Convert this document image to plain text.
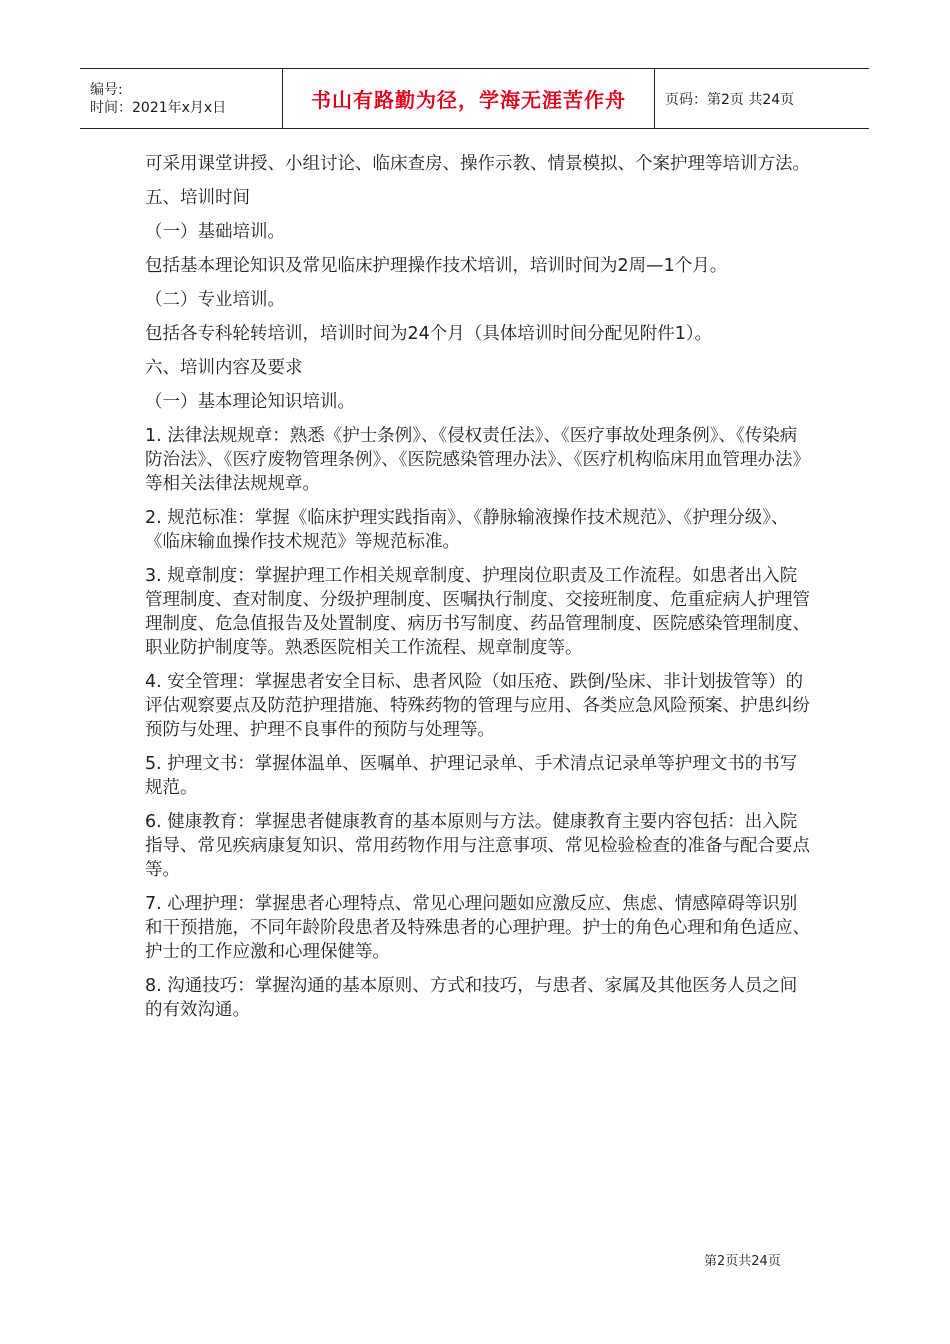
编号:
时间：2021年x月x日	书山有路勤为径，学海无涯苦作舟	页码：第2页 共24页

可采用课堂讲授、小组讨论、临床查房、操作示教、情景模拟、个案护理等培训方法。

五、培训时间

（一）基础培训。

包括基本理论知识及常见临床护理操作技术培训，培训时间为2周—1个月。

（二）专业培训。

包括各专科轮转培训，培训时间为24个月（具体培训时间分配见附件1）。

六、培训内容及要求

（一）基本理论知识培训。

1. 法律法规规章：熟悉《护士条例》、《侵权责任法》、《医疗事故处理条例》、《传染病防治法》、《医疗废物管理条例》、《医院感染管理办法》、《医疗机构临床用血管理办法》等相关法律法规规章。

2. 规范标准：掌握《临床护理实践指南》、《静脉输液操作技术规范》、《护理分级》、《临床输血操作技术规范》等规范标准。

3. 规章制度：掌握护理工作相关规章制度、护理岗位职责及工作流程。如患者出入院管理制度、查对制度、分级护理制度、医嘱执行制度、交接班制度、危重症病人护理管理制度、危急值报告及处置制度、病历书写制度、药品管理制度、医院感染管理制度、职业防护制度等。熟悉医院相关工作流程、规章制度等。

4. 安全管理：掌握患者安全目标、患者风险（如压疮、跌倒/坠床、非计划拔管等）的评估观察要点及防范护理措施、特殊药物的管理与应用、各类应急风险预案、护患纠纷预防与处理、护理不良事件的预防与处理等。

5. 护理文书：掌握体温单、医嘱单、护理记录单、手术清点记录单等护理文书的书写规范。

6. 健康教育：掌握患者健康教育的基本原则与方法。健康教育主要内容包括：出入院指导、常见疾病康复知识、常用药物作用与注意事项、常见检验检查的准备与配合要点等。

7. 心理护理：掌握患者心理特点、常见心理问题如应激反应、焦虑、情感障碍等识别和干预措施，不同年龄阶段患者及特殊患者的心理护理。护士的角色心理和角色适应、护士的工作应激和心理保健等。

8. 沟通技巧：掌握沟通的基本原则、方式和技巧，与患者、家属及其他医务人员之间的有效沟通。

第2页共24页
